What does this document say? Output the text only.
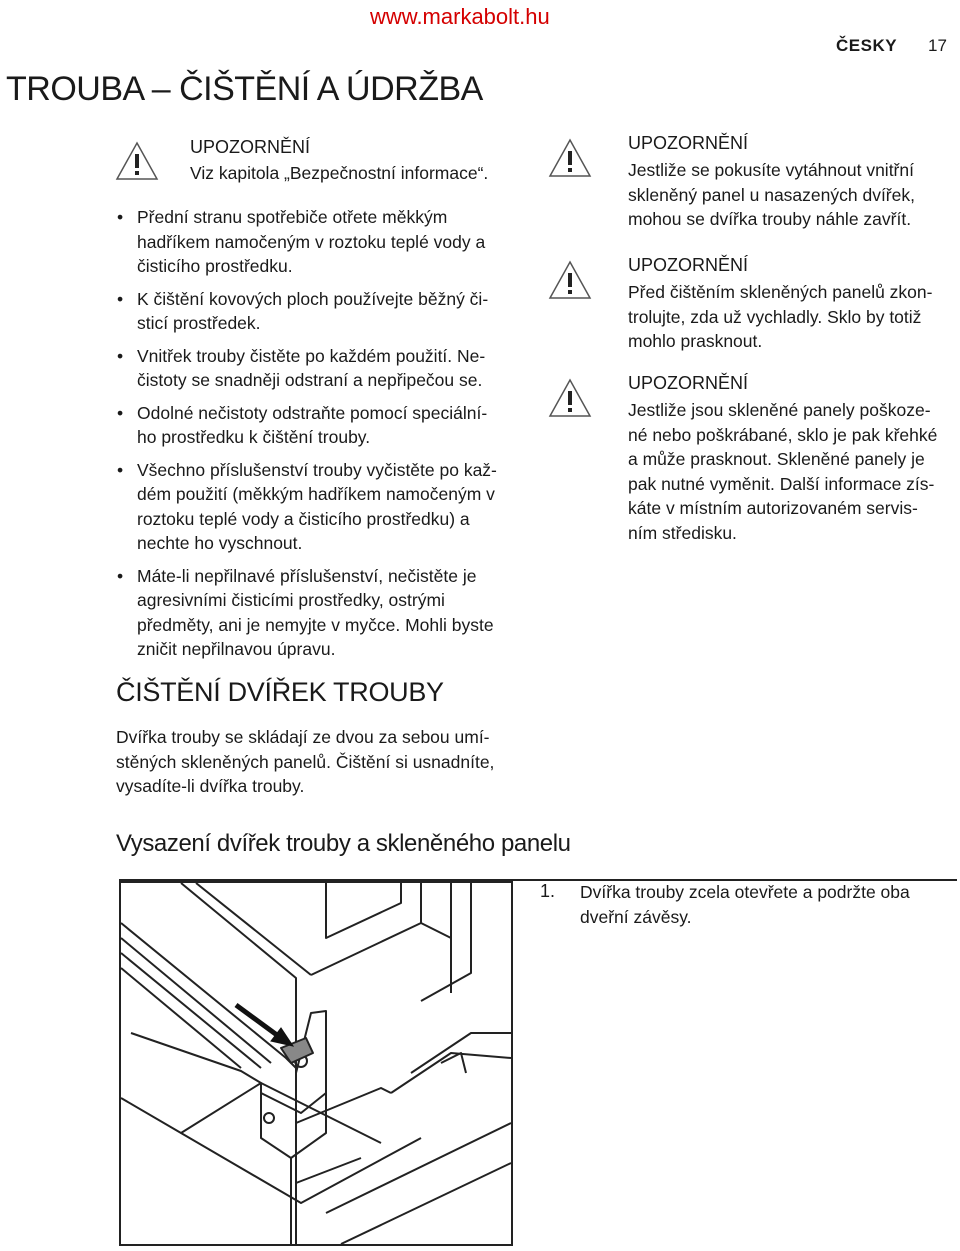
www.markabolt.hu
ČESKY 17
TROUBA – ČIŠTĚNÍ A ÚDRŽBA
UPOZORNĚNÍ
Viz kapitola „Bezpečnostní informace“.
• Přední stranu spotřebiče otřete měkkým
hadříkem namočeným v roztoku teplé vody a
čisticího prostředku.
• K čištění kovových ploch používejte běžný či-
sticí prostředek.
• Vnitřek trouby čistěte po každém použití. Ne-
čistoty se snadněji odstraní a nepřipečou se.
• Odolné nečistoty odstraňte pomocí speciální-
ho prostředku k čištění trouby.
• Všechno příslušenství trouby vyčistěte po kaž-
dém použití (měkkým hadříkem namočeným v
roztoku teplé vody a čisticího prostředku) a
nechte ho vyschnout.
• Máte-li nepřilnavé příslušenství, nečistěte je
agresivními čisticími prostředky, ostrými
předměty, ani je nemyjte v myčce. Mohli byste
zničit nepřilnavou úpravu.
UPOZORNĚNÍ
Jestliže se pokusíte vytáhnout vnitřní
skleněný panel u nasazených dvířek,
mohou se dvířka trouby náhle zavřít.
UPOZORNĚNÍ
Před čištěním skleněných panelů zkon-
trolujte, zda už vychladly. Sklo by totiž
mohlo prasknout.
UPOZORNĚNÍ
Jestliže jsou skleněné panely poškoze-
né nebo poškrábané, sklo je pak křehké
a může prasknout. Skleněné panely je
pak nutné vyměnit. Další informace zís-
káte v místním autorizovaném servis-
ním středisku.
ČIŠTĚNÍ DVÍŘEK TROUBY
Dvířka trouby se skládají ze dvou za sebou umí-
stěných skleněných panelů. Čištění si usnadníte,
vysadíte-li dvířka trouby.
Vysazení dvířek trouby a skleněného panelu
1. Dvířka trouby zcela otevřete a podržte oba
dveřní závěsy.
